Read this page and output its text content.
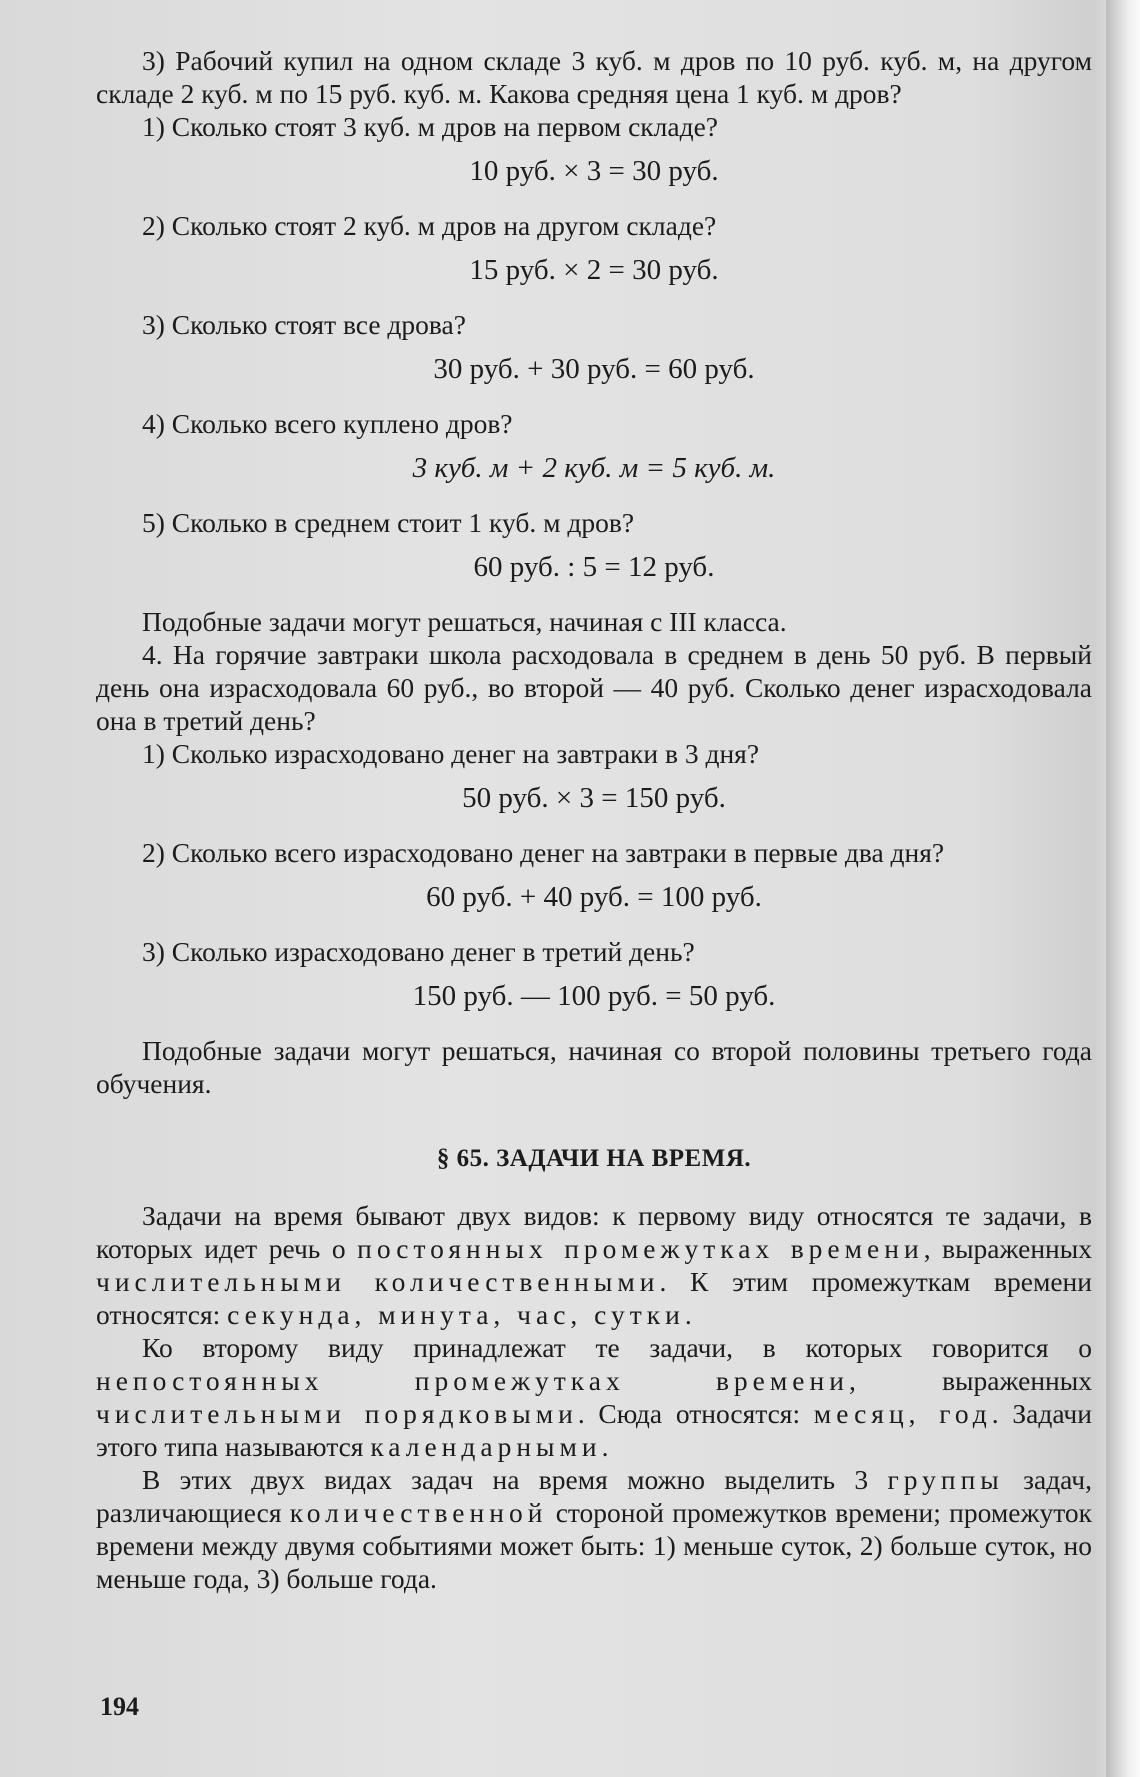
3) Рабочий купил на одном складе 3 куб. м дров по 10 руб. куб. м, на другом складе 2 куб. м по 15 руб. куб. м. Какова средняя цена 1 куб. м дров?

1) Сколько стоят 3 куб. м дров на первом складе?

10 руб. × 3 = 30 руб.

2) Сколько стоят 2 куб. м дров на другом складе?

15 руб. × 2 = 30 руб.

3) Сколько стоят все дрова?

30 руб. + 30 руб. = 60 руб.

4) Сколько всего куплено дров?

3 куб. м + 2 куб. м = 5 куб. м.

5) Сколько в среднем стоит 1 куб. м дров?

60 руб. : 5 = 12 руб.

Подобные задачи могут решаться, начиная с III класса.

4. На горячие завтраки школа расходовала в среднем в день 50 руб. В первый день она израсходовала 60 руб., во второй — 40 руб. Сколько денег израсходовала она в третий день?

1) Сколько израсходовано денег на завтраки в 3 дня?

50 руб. × 3 = 150 руб.

2) Сколько всего израсходовано денег на завтраки в первые два дня?

60 руб. + 40 руб. = 100 руб.

3) Сколько израсходовано денег в третий день?

150 руб. — 100 руб. = 50 руб.

Подобные задачи могут решаться, начиная со второй половины третьего года обучения.

§ 65. ЗАДАЧИ НА ВРЕМЯ.

Задачи на время бывают двух видов: к первому виду относятся те задачи, в которых идет речь о постоянных промежутках времени, выраженных числительными количественными. К этим промежуткам времени относятся: секунда, минута, час, сутки.

Ко второму виду принадлежат те задачи, в которых говорится о непостоянных промежутках времени, выраженных числительными порядковыми. Сюда относятся: месяц, год. Задачи этого типа называются календарными.

В этих двух видах задач на время можно выделить 3 группы задач, различающиеся количественной стороной промежутков времени; промежуток времени между двумя событиями может быть: 1) меньше суток, 2) больше суток, но меньше года, 3) больше года.

194
